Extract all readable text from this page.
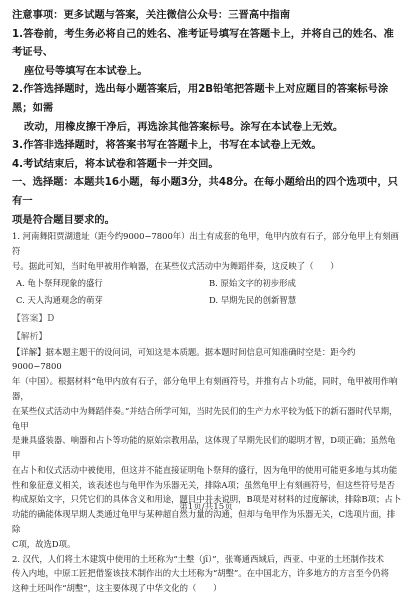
注意事项：更多试题与答案，关注微信公众号：三晋高中指南

1.答卷前，考生务必将自己的姓名、准考证号填写在答题卡上，并将自己的姓名、准考证号、

座位号等填写在本试卷上。

2.作答选择题时，选出每小题答案后，用2B铅笔把答题卡上对应题目的答案标号涂黑；如需

改动，用橡皮擦干净后，再选涂其他答案标号。涂写在本试卷上无效。

3.作答非选择题时，将答案书写在答题卡上，书写在本试卷上无效。

4.考试结束后，将本试卷和答题卡一并交回。

一、选择题：本题共16小题，每小题3分，共48分。在每小题给出的四个选项中，只有一

项是符合题目要求的。

1. 河南舞阳贾湖遗址（距今约9000−7800年）出土有成套的龟甲，龟甲内放有石子，部分龟甲上有刻画符

号。据此可知，当时龟甲被用作响器，在某些仪式活动中为舞蹈伴奏，这反映了（　　）

A. 龟卜祭拜现象的盛行	B. 原始文字的初步形成
C. 天人沟通观念的萌芽	D. 早期先民的创新智慧
【答案】D
【解析】

【详解】据本题主题干的设问词，可知这是本质题。据本题时间信息可知准确时空是：距今约9000−7800

年（中国）。根据材料“龟甲内放有石子，部分龟甲上有刻画符号，并推有占卜功能，同时，龟甲被用作响器，

在某些仪式活动中为舞蹈伴奏。”并结合所学可知，当时先民们的生产力水平较为低下的新石器时代早期，龟甲

是兼具盛装器、响器和占卜等功能的原始宗教用品，这体现了早期先民们的聪明才智，D项正确；虽然龟甲

在占卜和仪式活动中被使用，但这并不能直接证明龟卜祭拜的盛行，因为龟甲的使用可能更多地与其功能

性和象征意义相关，该表述也与龟甲作为乐器无关，排除A项；虽然龟甲上有刻画符号，但这些符号是否

构成原始文字，只凭它们的具体含义和用途，题目中并未说明，B项是对材料的过度解读，排除B项；占卜

功能的确能体现早期人类通过龟甲与某种超自然力量的沟通，但却与龟甲作为乐器无关，C选项片面，排除

C项，故选D项。

2. 汉代，人们将土木建筑中使用的土坯称为“土墼（jī）”，张骞通西域后，西亚、中亚的土坯制作技术

传入内地，中原工匠把借鉴该技术制作出的大土坯称为“胡墼”。在中国北方，许多地方的方言至今仍将

这种土坯叫作“胡墼”，这主要体现了中华文化的（　　）

第1页/共15页
